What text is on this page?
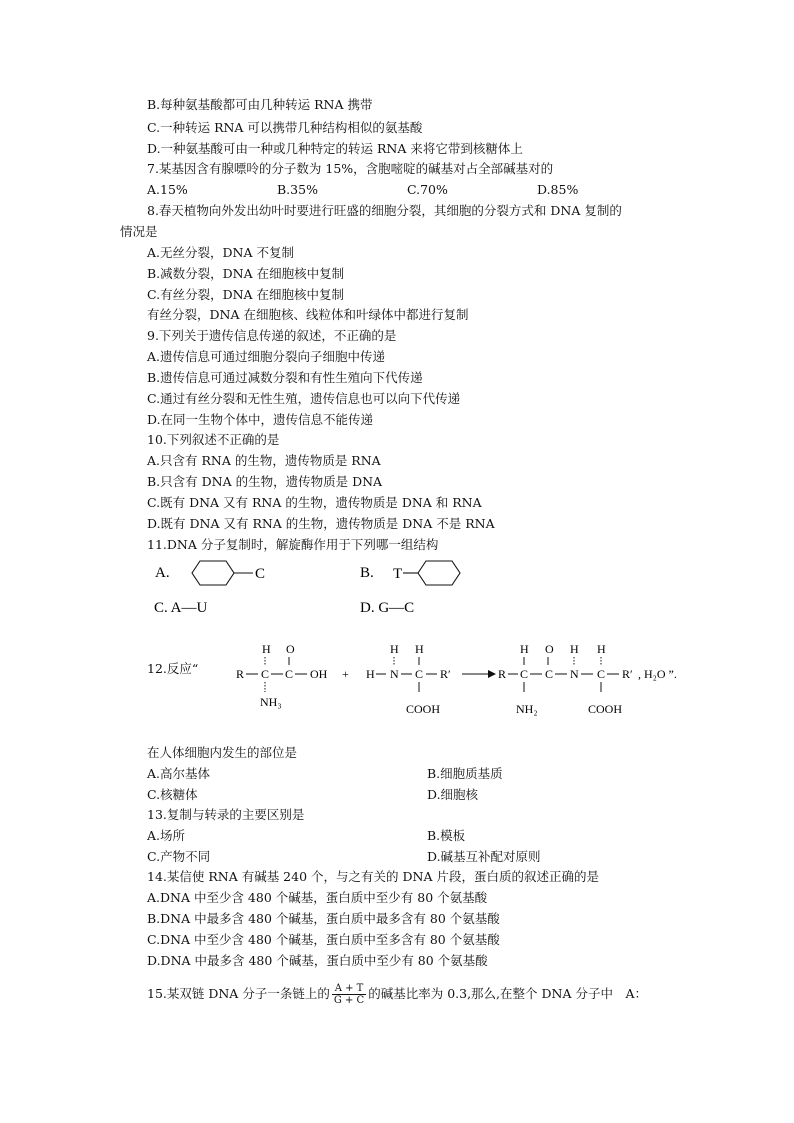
B.每种氨基酸都可由几种转运 RNA 携带
C.一种转运 RNA 可以携带几种结构相似的氨基酸
D.一种氨基酸可由一种或几种特定的转运 RNA 来将它带到核糖体上
7.某基因含有腺嘌呤的分子数为 15%，含胞嘧啶的碱基对占全部碱基对的
A.15%	B.35%	C.70%	D.85%
8.春天植物向外发出幼叶时要进行旺盛的细胞分裂，其细胞的分裂方式和 DNA 复制的
情况是
A.无丝分裂，DNA 不复制
B.减数分裂，DNA 在细胞核中复制
C.有丝分裂，DNA 在细胞核中复制
有丝分裂，DNA 在细胞核、线粒体和叶绿体中都进行复制
9.下列关于遗传信息传递的叙述，不正确的是
A.遗传信息可通过细胞分裂向子细胞中传递
B.遗传信息可通过减数分裂和有性生殖向下代传递
C.通过有丝分裂和无性生殖，遗传信息也可以向下代传递
D.在同一生物个体中，遗传信息不能传递
10.下列叙述不正确的是
A.只含有 RNA 的生物，遗传物质是 RNA
B.只含有 DNA 的生物，遗传物质是 DNA
C.既有 DNA 又有 RNA 的生物，遗传物质是 DNA 和 RNA
D.既有 DNA 又有 RNA 的生物，遗传物质是 DNA 不是 RNA
11.DNA 分子复制时，解旋酶作用于下列哪一组结构
A.	C	B. T
C. A—U	D. G—C
12.反应“
H O
R C C OH
NH₃
+ H
H
N
H
C R′
COOH
R
H
C
O
C
H
N
H
C R′ , H₂O ”.
NH₂	COOH
在人体细胞内发生的部位是
A.高尔基体	B.细胞质基质
C.核糖体	D.细胞核
13.复制与转录的主要区别是
A.场所	B.模板
C.产物不同	D.碱基互补配对原则
14.某信使 RNA 有碱基 240 个，与之有关的 DNA 片段，蛋白质的叙述正确的是
A.DNA 中至少含 480 个碱基，蛋白质中至少有 80 个氨基酸
B.DNA 中最多含 480 个碱基，蛋白质中最多含有 80 个氨基酸
C.DNA 中至少含 480 个碱基，蛋白质中至多含有 80 个氨基酸
D.DNA 中最多含 480 个碱基，蛋白质中至少有 80 个氨基酸
15.某双链 DNA 分子一条链上的 $\frac{A + T}{G + C}$ 的碱基比率为 0.3,那么,在整个 DNA 分子中　A：
